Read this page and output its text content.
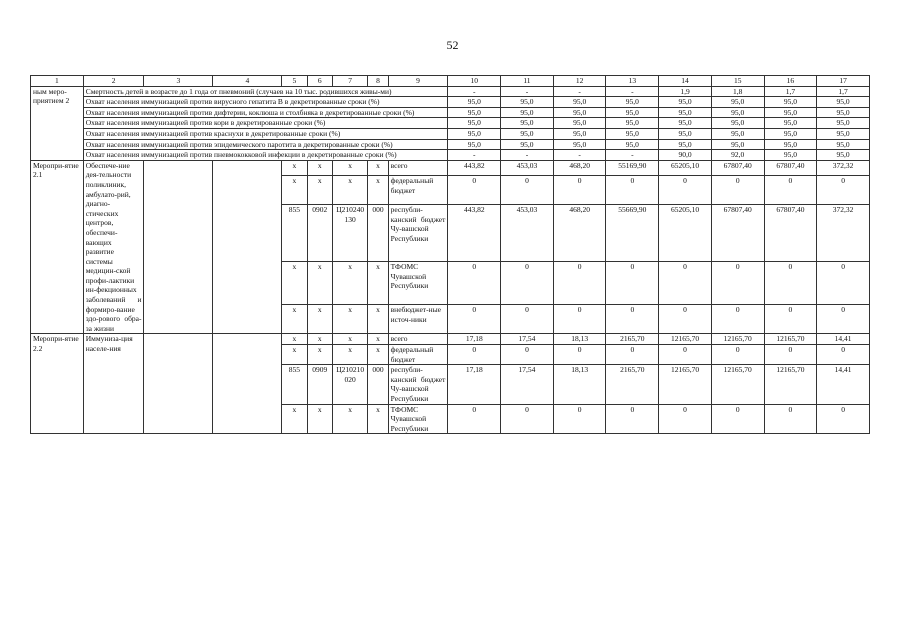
52
1	2	3	4	5	6	7	8	9	10	11	12	13	14	15	16	17
ным меро-приятием 2	Смертность детей в возрасте до 1 года от пневмоний (случаев на 10 тыс. родившихся живы-ми)								-	-	-	-	1,9	1,8	1,7	1,7
	Охват населения иммунизацией против вирусного гепатита В в декретированные сроки (%)								95,0	95,0	95,0	95,0	95,0	95,0	95,0	95,0
	Охват населения иммунизацией против дифтерии, коклюша и столбняка в декретированные сроки (%)								95,0	95,0	95,0	95,0	95,0	95,0	95,0	95,0
	Охват населения иммунизацией против кори в декретированные сроки (%)								95,0	95,0	95,0	95,0	95,0	95,0	95,0	95,0
	Охват населения иммунизацией против краснухи в декретированные сроки (%)								95,0	95,0	95,0	95,0	95,0	95,0	95,0	95,0
	Охват населения иммунизацией против эпидемического паротита в декретированные сроки (%)								95,0	95,0	95,0	95,0	95,0	95,0	95,0	95,0
	Охват населения иммунизацией против пневмококковой инфекции в декретированные сроки (%)								-	-	-	-	90,0	92,0	95,0	95,0
Меропри-ятие 2.1	Обеспече-ние дея-тельности поликлиник, амбулато-рий, диагно-стических центров, обеспечи-вающих развитие системы медицин-ской профи-лактики ин-фекционных заболеваний и формиро-вание здо-рового обра-за жизни			х	х	х	х	всего	443,82	453,03	468,20	55169,90	65205,10	67807,40	67807,40	372,32
				х	х	х	х	федеральный бюджет	0	0	0	0	0	0	0	0
				855	0902	Ц210240 130	000	республи-канский бюджет Чу-вашской Республики	443,82	453,03	468,20	55669,90	65205,10	67807,40	67807,40	372,32
				х	х	х	х	ТФОМС Чувашской Республики	0	0	0	0	0	0	0	0
				х	х	х	х	внебюджет-ные источ-ники	0	0	0	0	0	0	0	0
Меропри-ятие 2.2	Иммуниза-ция населе-ния			х	х	х	х	всего	17,18	17,54	18,13	2165,70	12165,70	12165,70	12165,70	14,41
				х	х	х	х	федеральный бюджет	0	0	0	0	0	0	0	0
				855	0909	Ц210210 020	000	республи-канский бюджет Чу-вашской Республики	17,18	17,54	18,13	2165,70	12165,70	12165,70	12165,70	14,41
				х	х	х	х	ТФОМС Чувашской Республики	0	0	0	0	0	0	0	0
